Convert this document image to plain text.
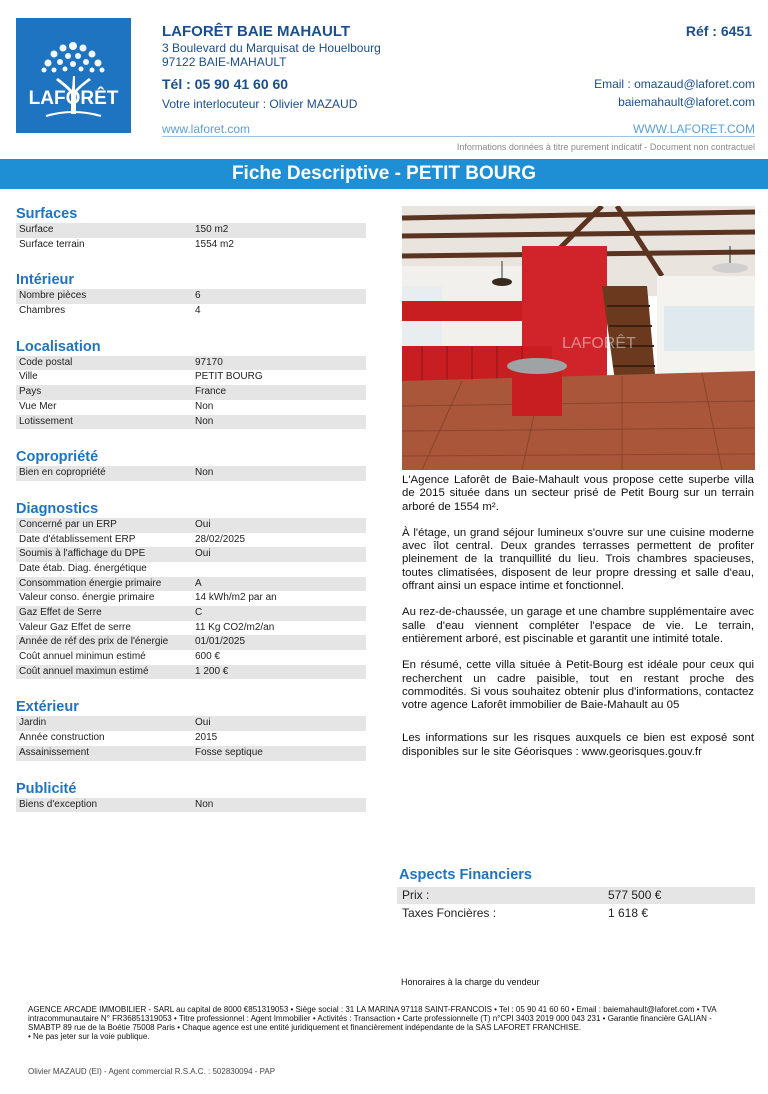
LAFORÊT
LAFORÊT BAIE MAHAULT
3 Boulevard du Marquisat de Houelbourg
97122 BAIE-MAHAULT
Tél : 05 90 41 60 60
Votre interlocuteur : Olivier MAZAUD
www.laforet.com
Réf : 6451
Email : omazaud@laforet.com
baiemahault@laforet.com
WWW.LAFORET.COM
Informations données à titre purement indicatif - Document non contractuel
Fiche Descriptive - PETIT BOURG
Surfaces
Surface	150 m2
Surface terrain	1554 m2
Intérieur
Nombre pièces	6
Chambres	4
Localisation
Code postal	97170
Ville	PETIT BOURG
Pays	France
Vue Mer	Non
Lotissement	Non
Copropriété
Bien en copropriété	Non
Diagnostics
Concerné par un ERP	Oui
Date d'établissement ERP	28/02/2025
Soumis à l'affichage du DPE	Oui
Date étab. Diag. énergétique
Consommation énergie primaire	A
Valeur conso. énergie primaire	14 kWh/m2 par an
Gaz Effet de Serre	C
Valeur Gaz Effet de serre	11 Kg CO2/m2/an
Année de réf des prix de l'énergie	01/01/2025
Coût annuel minimun estimé	600 €
Coût annuel maximun estimé	1 200 €
Extérieur
Jardin	Oui
Année construction	2015
Assainissement	Fosse septique
Publicité
Biens d'exception	Non
LAFORÊT

L'Agence Laforêt de Baie-Mahault vous propose cette superbe villa de 2015 située dans un secteur prisé de Petit Bourg sur un terrain arboré de 1554 m².

À l'étage, un grand séjour lumineux s'ouvre sur une cuisine moderne avec îlot central. Deux grandes terrasses permettent de profiter pleinement de la tranquillité du lieu. Trois chambres spacieuses, toutes climatisées, disposent de leur propre dressing et salle d'eau, offrant ainsi un espace intime et fonctionnel.

Au rez-de-chaussée, un garage et une chambre supplémentaire avec salle d'eau viennent compléter l'espace de vie. Le terrain, entièrement arboré, est piscinable et garantit une intimité totale.

En résumé, cette villa située à Petit-Bourg est idéale pour ceux qui recherchent un cadre paisible, tout en restant proche des commodités. Si vous souhaitez obtenir plus d'informations, contactez votre agence Laforêt immobilier de Baie-Mahault au 05

Les informations sur les risques auxquels ce bien est exposé sont disponibles sur le site Géorisques : www.georisques.gouv.fr

Aspects Financiers
Prix :	577 500 €
Taxes Foncières :	1 618 €
Honoraires à la charge du vendeur
AGENCE ARCADE IMMOBILIER - SARL au capital de 8000 €851319053 • Siège social : 31 LA MARINA 97118 SAINT-FRANCOIS • Tel : 05 90 41 60 60 • Email : baiemahault@laforet.com • TVA intracommunautaire N° FR36851319053 • Titre professionnel : Agent Immobilier • Activités : Transaction • Carte professionnelle (T) n°CPI 3403 2019 000 043 231 • Garantie financière GALIAN - SMABTP 89 rue de la Boétie 75008 Paris • Chaque agence est une entité juridiquement et financièrement indépendante de la SAS LAFORET FRANCHISE.
• Ne pas jeter sur la voie publique.
Olivier MAZAUD (EI) - Agent commercial R.S.A.C. : 502830094 - PAP
